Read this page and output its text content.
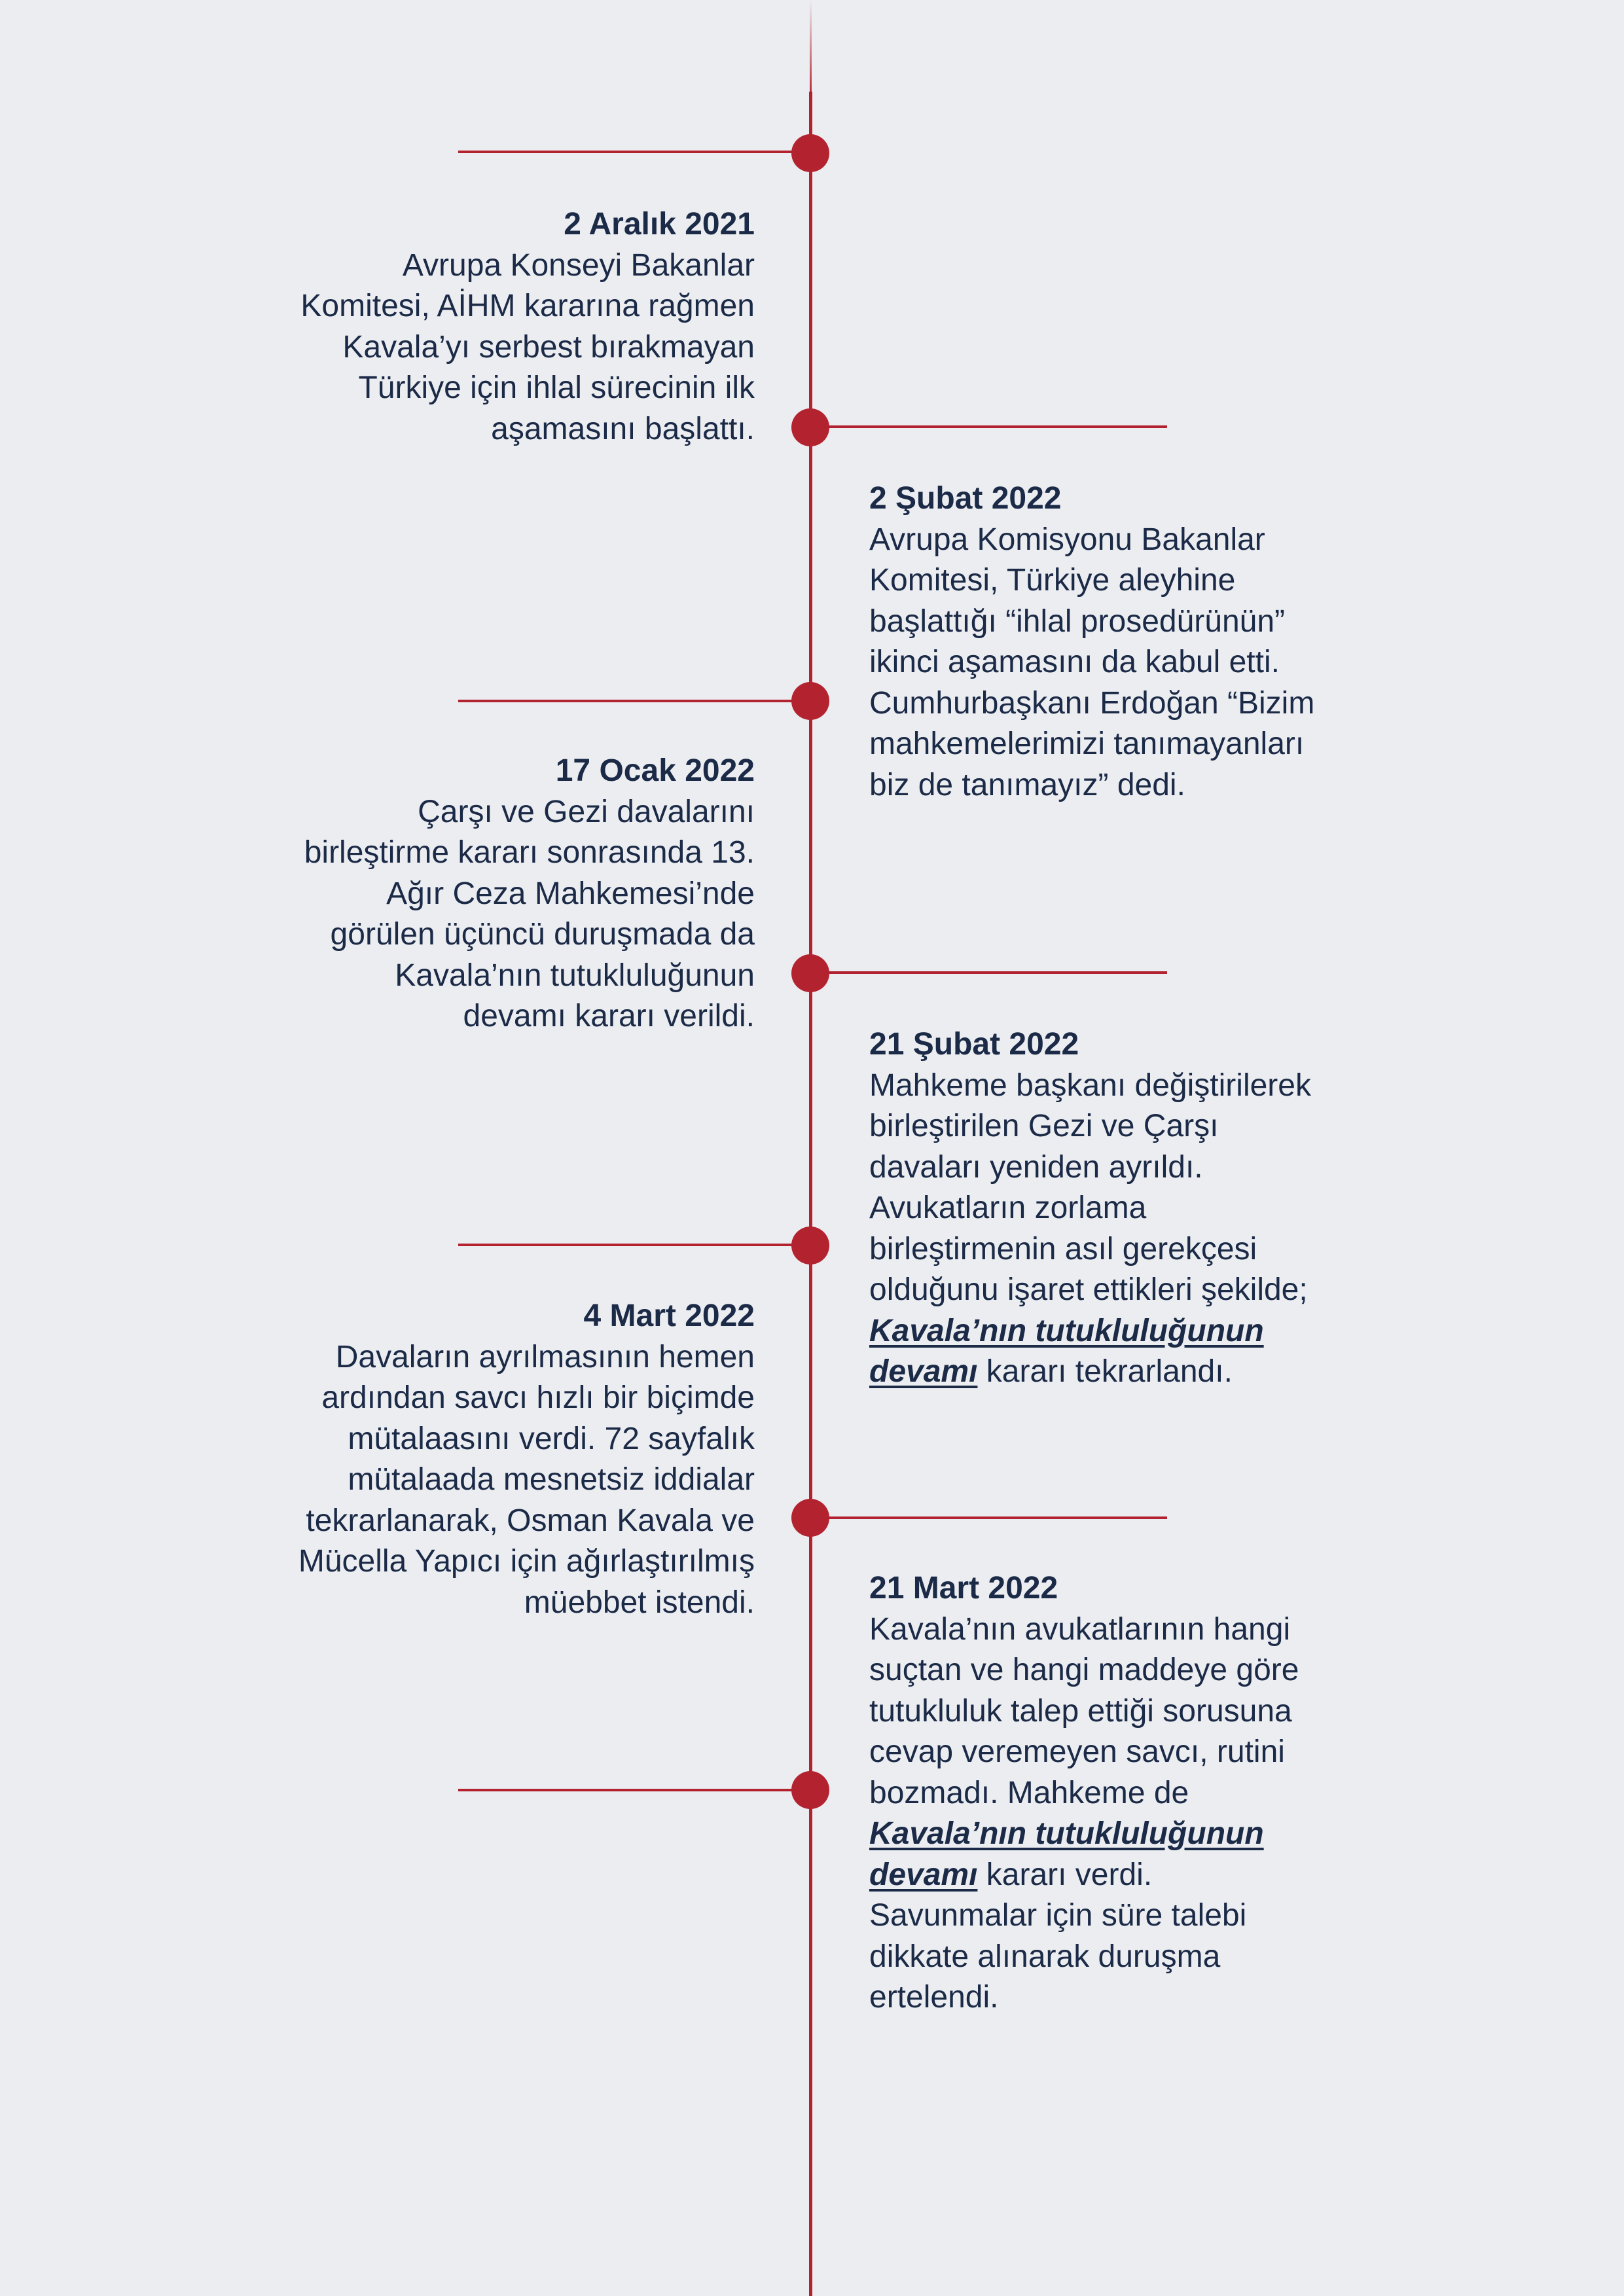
2 Aralık 2021

Avrupa Konseyi Bakanlar Komitesi, AİHM kararına rağmen Kavala’yı serbest bırakmayan Türkiye için ihlal sürecinin ilk aşamasını başlattı.

2 Şubat 2022

Avrupa Komisyonu Bakanlar Komitesi, Türkiye aleyhine başlattığı “ihlal prosedürünün” ikinci aşamasını da kabul etti. Cumhurbaşkanı Erdoğan “Bizim mahkemelerimizi tanımayanları biz de tanımayız” dedi.

17 Ocak 2022

Çarşı ve Gezi davalarını birleştirme kararı sonrasında 13. Ağır Ceza Mahkemesi’nde görülen üçüncü duruşmada da Kavala’nın tutukluluğunun devamı kararı verildi.

21 Şubat 2022

Mahkeme başkanı değiştirilerek birleştirilen Gezi ve Çarşı davaları yeniden ayrıldı. Avukatların zorlama birleştirmenin asıl gerekçesi olduğunu işaret ettikleri şekilde; Kavala’nın tutukluluğunun devamı kararı tekrarlandı.

4 Mart 2022

Davaların ayrılmasının hemen ardından savcı hızlı bir biçimde mütalaasını verdi. 72 sayfalık mütalaada mesnetsiz iddialar tekrarlanarak, Osman Kavala ve Mücella Yapıcı için ağırlaştırılmış müebbet istendi.	21 Mart 2022

Kavala’nın avukatlarının hangi suçtan ve hangi maddeye göre tutukluluk talep ettiği sorusuna cevap veremeyen savcı, rutini bozmadı. Mahkeme de Kavala’nın tutukluluğunun devamı kararı verdi. Savunmalar için süre talebi dikkate alınarak duruşma ertelendi.
